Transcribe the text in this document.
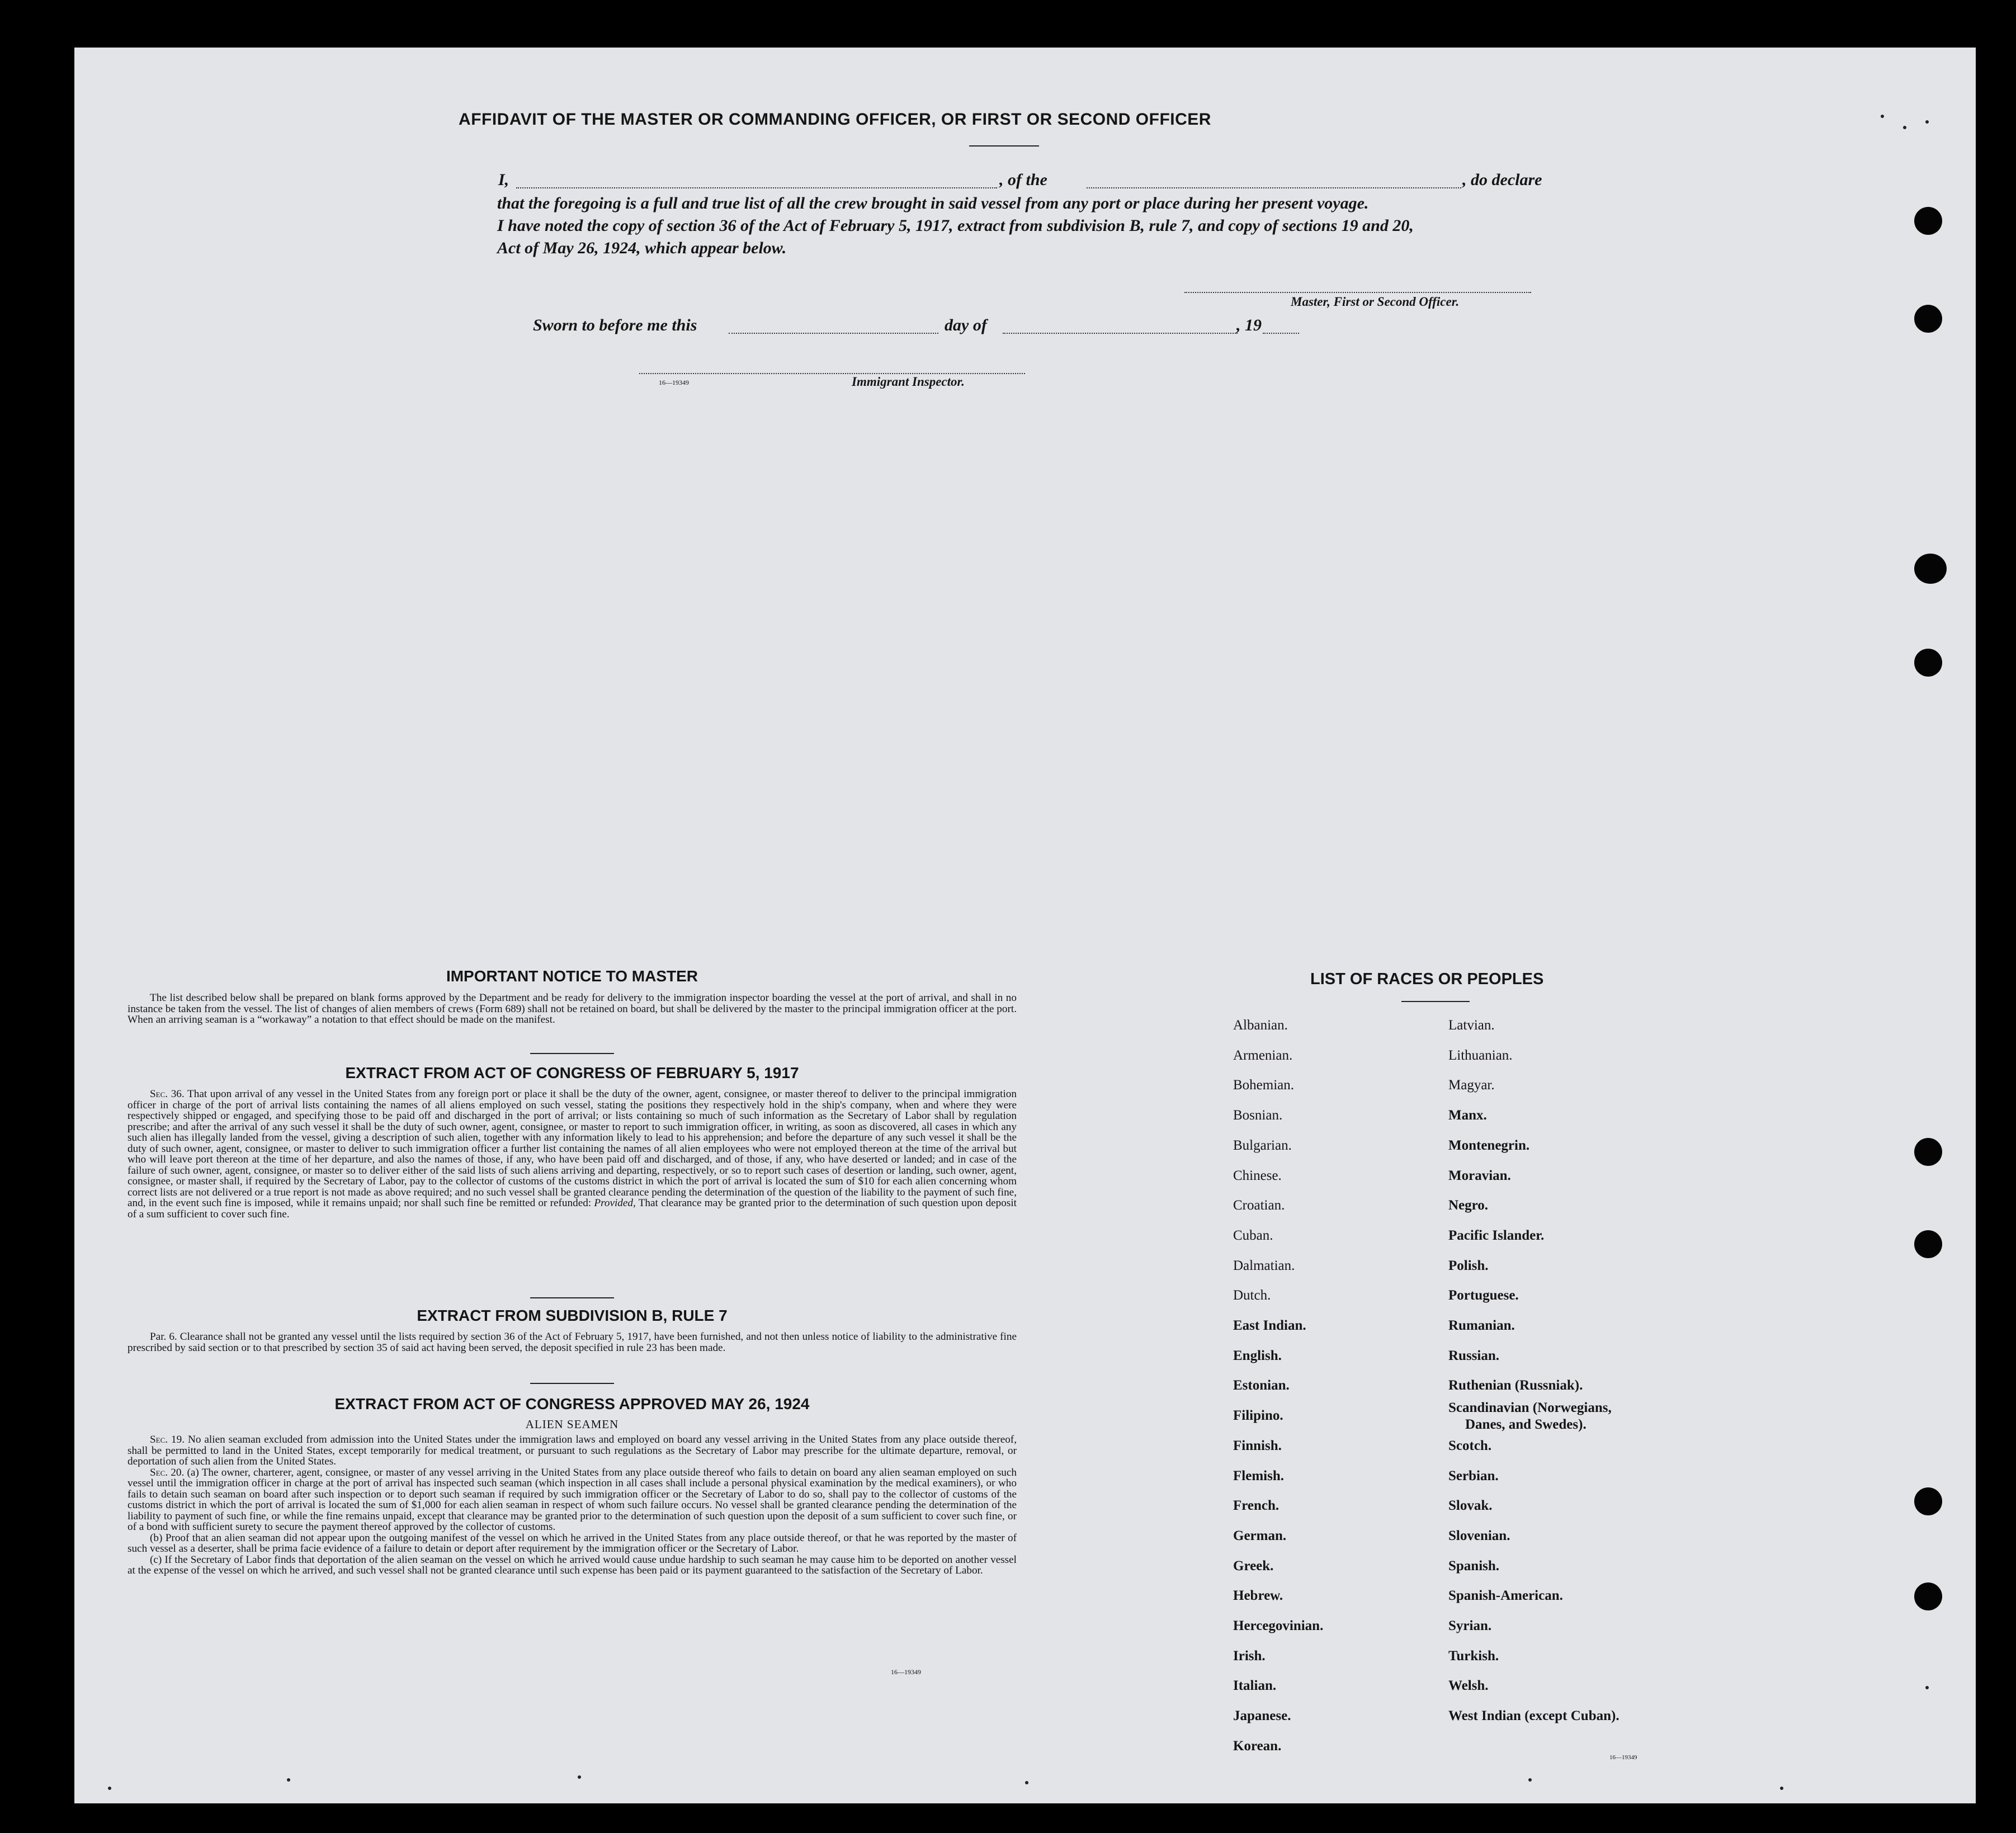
AFFIDAVIT OF THE MASTER OR COMMANDING OFFICER, OR FIRST OR SECOND OFFICER
I,	, of the	, do declare
that the foregoing is a full and true list of all the crew brought in said vessel from any port or place during her present voyage.
I have noted the copy of section 36 of the Act of February 5, 1917, extract from subdivision B, rule 7, and copy of sections 19 and 20,
Act of May 26, 1924, which appear below.
Master, First or Second Officer.
Sworn to before me this	day of	, 19
16—19349	Immigrant Inspector.
IMPORTANT NOTICE TO MASTER

The list described below shall be prepared on blank forms approved by the Department and be ready for delivery to the immigration inspector boarding the vessel at the port of arrival, and shall in no instance be taken from the vessel. The list of changes of alien members of crews (Form 689) shall not be retained on board, but shall be delivered by the master to the principal immigration officer at the port. When an arriving seaman is a “workaway” a notation to that effect should be made on the manifest.

EXTRACT FROM ACT OF CONGRESS OF FEBRUARY 5, 1917

Sec. 36. That upon arrival of any vessel in the United States from any foreign port or place it shall be the duty of the owner, agent, consignee, or master thereof to deliver to the principal immigration officer in charge of the port of arrival lists containing the names of all aliens employed on such vessel, stating the positions they respectively hold in the ship's company, when and where they were respectively shipped or engaged, and specifying those to be paid off and discharged in the port of arrival; or lists containing so much of such information as the Secretary of Labor shall by regulation prescribe; and after the arrival of any such vessel it shall be the duty of such owner, agent, consignee, or master to report to such immigration officer, in writing, as soon as discovered, all cases in which any such alien has illegally landed from the vessel, giving a description of such alien, together with any information likely to lead to his apprehension; and before the departure of any such vessel it shall be the duty of such owner, agent, consignee, or master to deliver to such immigration officer a further list containing the names of all alien employees who were not employed thereon at the time of the arrival but who will leave port thereon at the time of her departure, and also the names of those, if any, who have been paid off and discharged, and of those, if any, who have deserted or landed; and in case of the failure of such owner, agent, consignee, or master so to deliver either of the said lists of such aliens arriving and departing, respectively, or so to report such cases of desertion or landing, such owner, agent, consignee, or master shall, if required by the Secretary of Labor, pay to the collector of customs of the customs district in which the port of arrival is located the sum of $10 for each alien concerning whom correct lists are not delivered or a true report is not made as above required; and no such vessel shall be granted clearance pending the determination of the question of the liability to the payment of such fine, and, in the event such fine is imposed, while it remains unpaid; nor shall such fine be remitted or refunded: Provided, That clearance may be granted prior to the determination of such question upon deposit of a sum sufficient to cover such fine.

EXTRACT FROM SUBDIVISION B, RULE 7

Par. 6. Clearance shall not be granted any vessel until the lists required by section 36 of the Act of February 5, 1917, have been furnished, and not then unless notice of liability to the administrative fine prescribed by said section or to that prescribed by section 35 of said act having been served, the deposit specified in rule 23 has been made.

EXTRACT FROM ACT OF CONGRESS APPROVED MAY 26, 1924
ALIEN SEAMEN

Sec. 19. No alien seaman excluded from admission into the United States under the immigration laws and employed on board any vessel arriving in the United States from any place outside thereof, shall be permitted to land in the United States, except temporarily for medical treatment, or pursuant to such regulations as the Secretary of Labor may prescribe for the ultimate departure, removal, or deportation of such alien from the United States.

Sec. 20. (a) The owner, charterer, agent, consignee, or master of any vessel arriving in the United States from any place outside thereof who fails to detain on board any alien seaman employed on such vessel until the immigration officer in charge at the port of arrival has inspected such seaman (which inspection in all cases shall include a personal physical examination by the medical examiners), or who fails to detain such seaman on board after such inspection or to deport such seaman if required by such immigration officer or the Secretary of Labor to do so, shall pay to the collector of customs of the customs district in which the port of arrival is located the sum of $1,000 for each alien seaman in respect of whom such failure occurs. No vessel shall be granted clearance pending the determination of the liability to payment of such fine, or while the fine remains unpaid, except that clearance may be granted prior to the determination of such question upon the deposit of a sum sufficient to cover such fine, or of a bond with sufficient surety to secure the payment thereof approved by the collector of customs.

(b) Proof that an alien seaman did not appear upon the outgoing manifest of the vessel on which he arrived in the United States from any place outside thereof, or that he was reported by the master of such vessel as a deserter, shall be prima facie evidence of a failure to detain or deport after requirement by the immigration officer or the Secretary of Labor.

(c) If the Secretary of Labor finds that deportation of the alien seaman on the vessel on which he arrived would cause undue hardship to such seaman he may cause him to be deported on another vessel at the expense of the vessel on which he arrived, and such vessel shall not be granted clearance until such expense has been paid or its payment guaranteed to the satisfaction of the Secretary of Labor.

16—19349
LIST OF RACES OR PEOPLES
16—19349
Albanian.
Armenian.
Bohemian.
Bosnian.
Bulgarian.
Chinese.
Croatian.
Cuban.
Dalmatian.
Dutch.
East Indian.
English.
Estonian.
Filipino.
Finnish.
Flemish.
French.
German.
Greek.
Hebrew.
Hercegovinian.
Irish.
Italian.
Japanese.
Korean.
Latvian.
Lithuanian.
Magyar.
Manx.
Montenegrin.
Moravian.
Negro.
Pacific Islander.
Polish.
Portuguese.
Rumanian.
Russian.
Ruthenian (Russniak).
Scandinavian (Norwegians,
Danes, and Swedes).
Scotch.
Serbian.
Slovak.
Slovenian.
Spanish.
Spanish-American.
Syrian.
Turkish.
Welsh.
West Indian (except Cuban).
